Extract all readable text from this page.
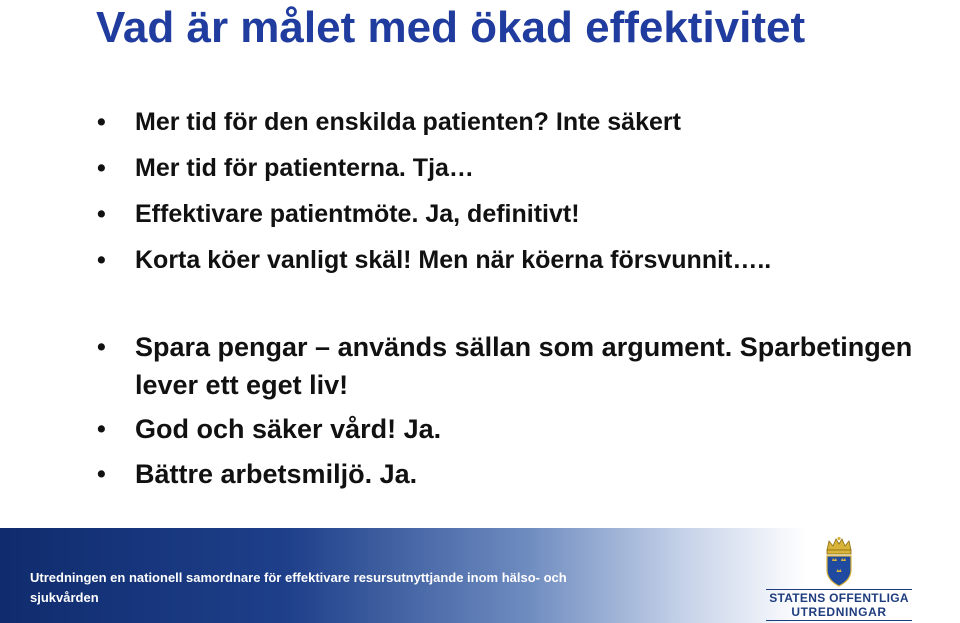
Vad är målet med ökad effektivitet
• Mer tid för den enskilda patienten? Inte säkert
• Mer tid för patienterna. Tja…
• Effektivare patientmöte. Ja, definitivt!
• Korta köer vanligt skäl! Men när köerna försvunnit…..
• Spara pengar – används sällan som argument. Sparbetingen lever ett eget liv!
• God och säker vård! Ja.
• Bättre arbetsmiljö. Ja.

Utredningen en nationell samordnare för effektivare resursutnyttjande inom hälso- och sjukvården	STATENS OFFENTLIGA

UTREDNINGAR
